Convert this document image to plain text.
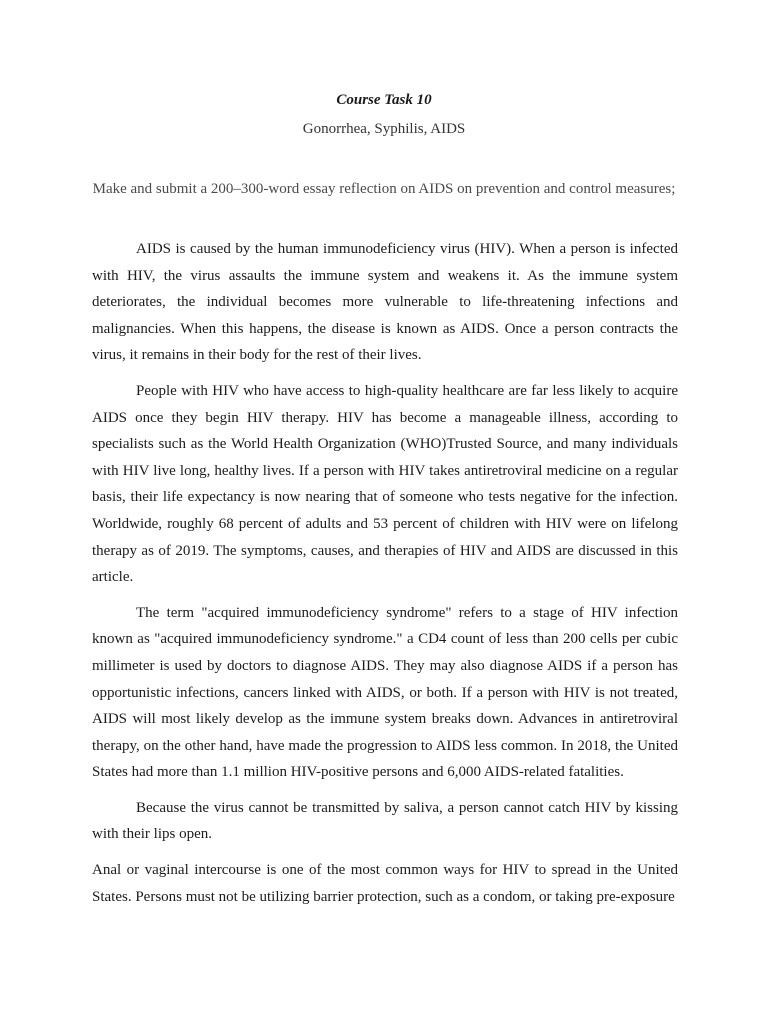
Course Task 10
Gonorrhea, Syphilis, AIDS
Make and submit a 200–300-word essay reflection on AIDS on prevention and control measures;

AIDS is caused by the human immunodeficiency virus (HIV). When a person is infected with HIV, the virus assaults the immune system and weakens it. As the immune system deteriorates, the individual becomes more vulnerable to life-threatening infections and malignancies. When this happens, the disease is known as AIDS. Once a person contracts the virus, it remains in their body for the rest of their lives.

People with HIV who have access to high-quality healthcare are far less likely to acquire AIDS once they begin HIV therapy. HIV has become a manageable illness, according to specialists such as the World Health Organization (WHO)Trusted Source, and many individuals with HIV live long, healthy lives. If a person with HIV takes antiretroviral medicine on a regular basis, their life expectancy is now nearing that of someone who tests negative for the infection. Worldwide, roughly 68 percent of adults and 53 percent of children with HIV were on lifelong therapy as of 2019. The symptoms, causes, and therapies of HIV and AIDS are discussed in this article.

The term "acquired immunodeficiency syndrome" refers to a stage of HIV infection known as "acquired immunodeficiency syndrome." a CD4 count of less than 200 cells per cubic millimeter is used by doctors to diagnose AIDS. They may also diagnose AIDS if a person has opportunistic infections, cancers linked with AIDS, or both. If a person with HIV is not treated, AIDS will most likely develop as the immune system breaks down. Advances in antiretroviral therapy, on the other hand, have made the progression to AIDS less common. In 2018, the United States had more than 1.1 million HIV-positive persons and 6,000 AIDS-related fatalities.

Because the virus cannot be transmitted by saliva, a person cannot catch HIV by kissing with their lips open.

Anal or vaginal intercourse is one of the most common ways for HIV to spread in the United States. Persons must not be utilizing barrier protection, such as a condom, or taking pre-exposure
